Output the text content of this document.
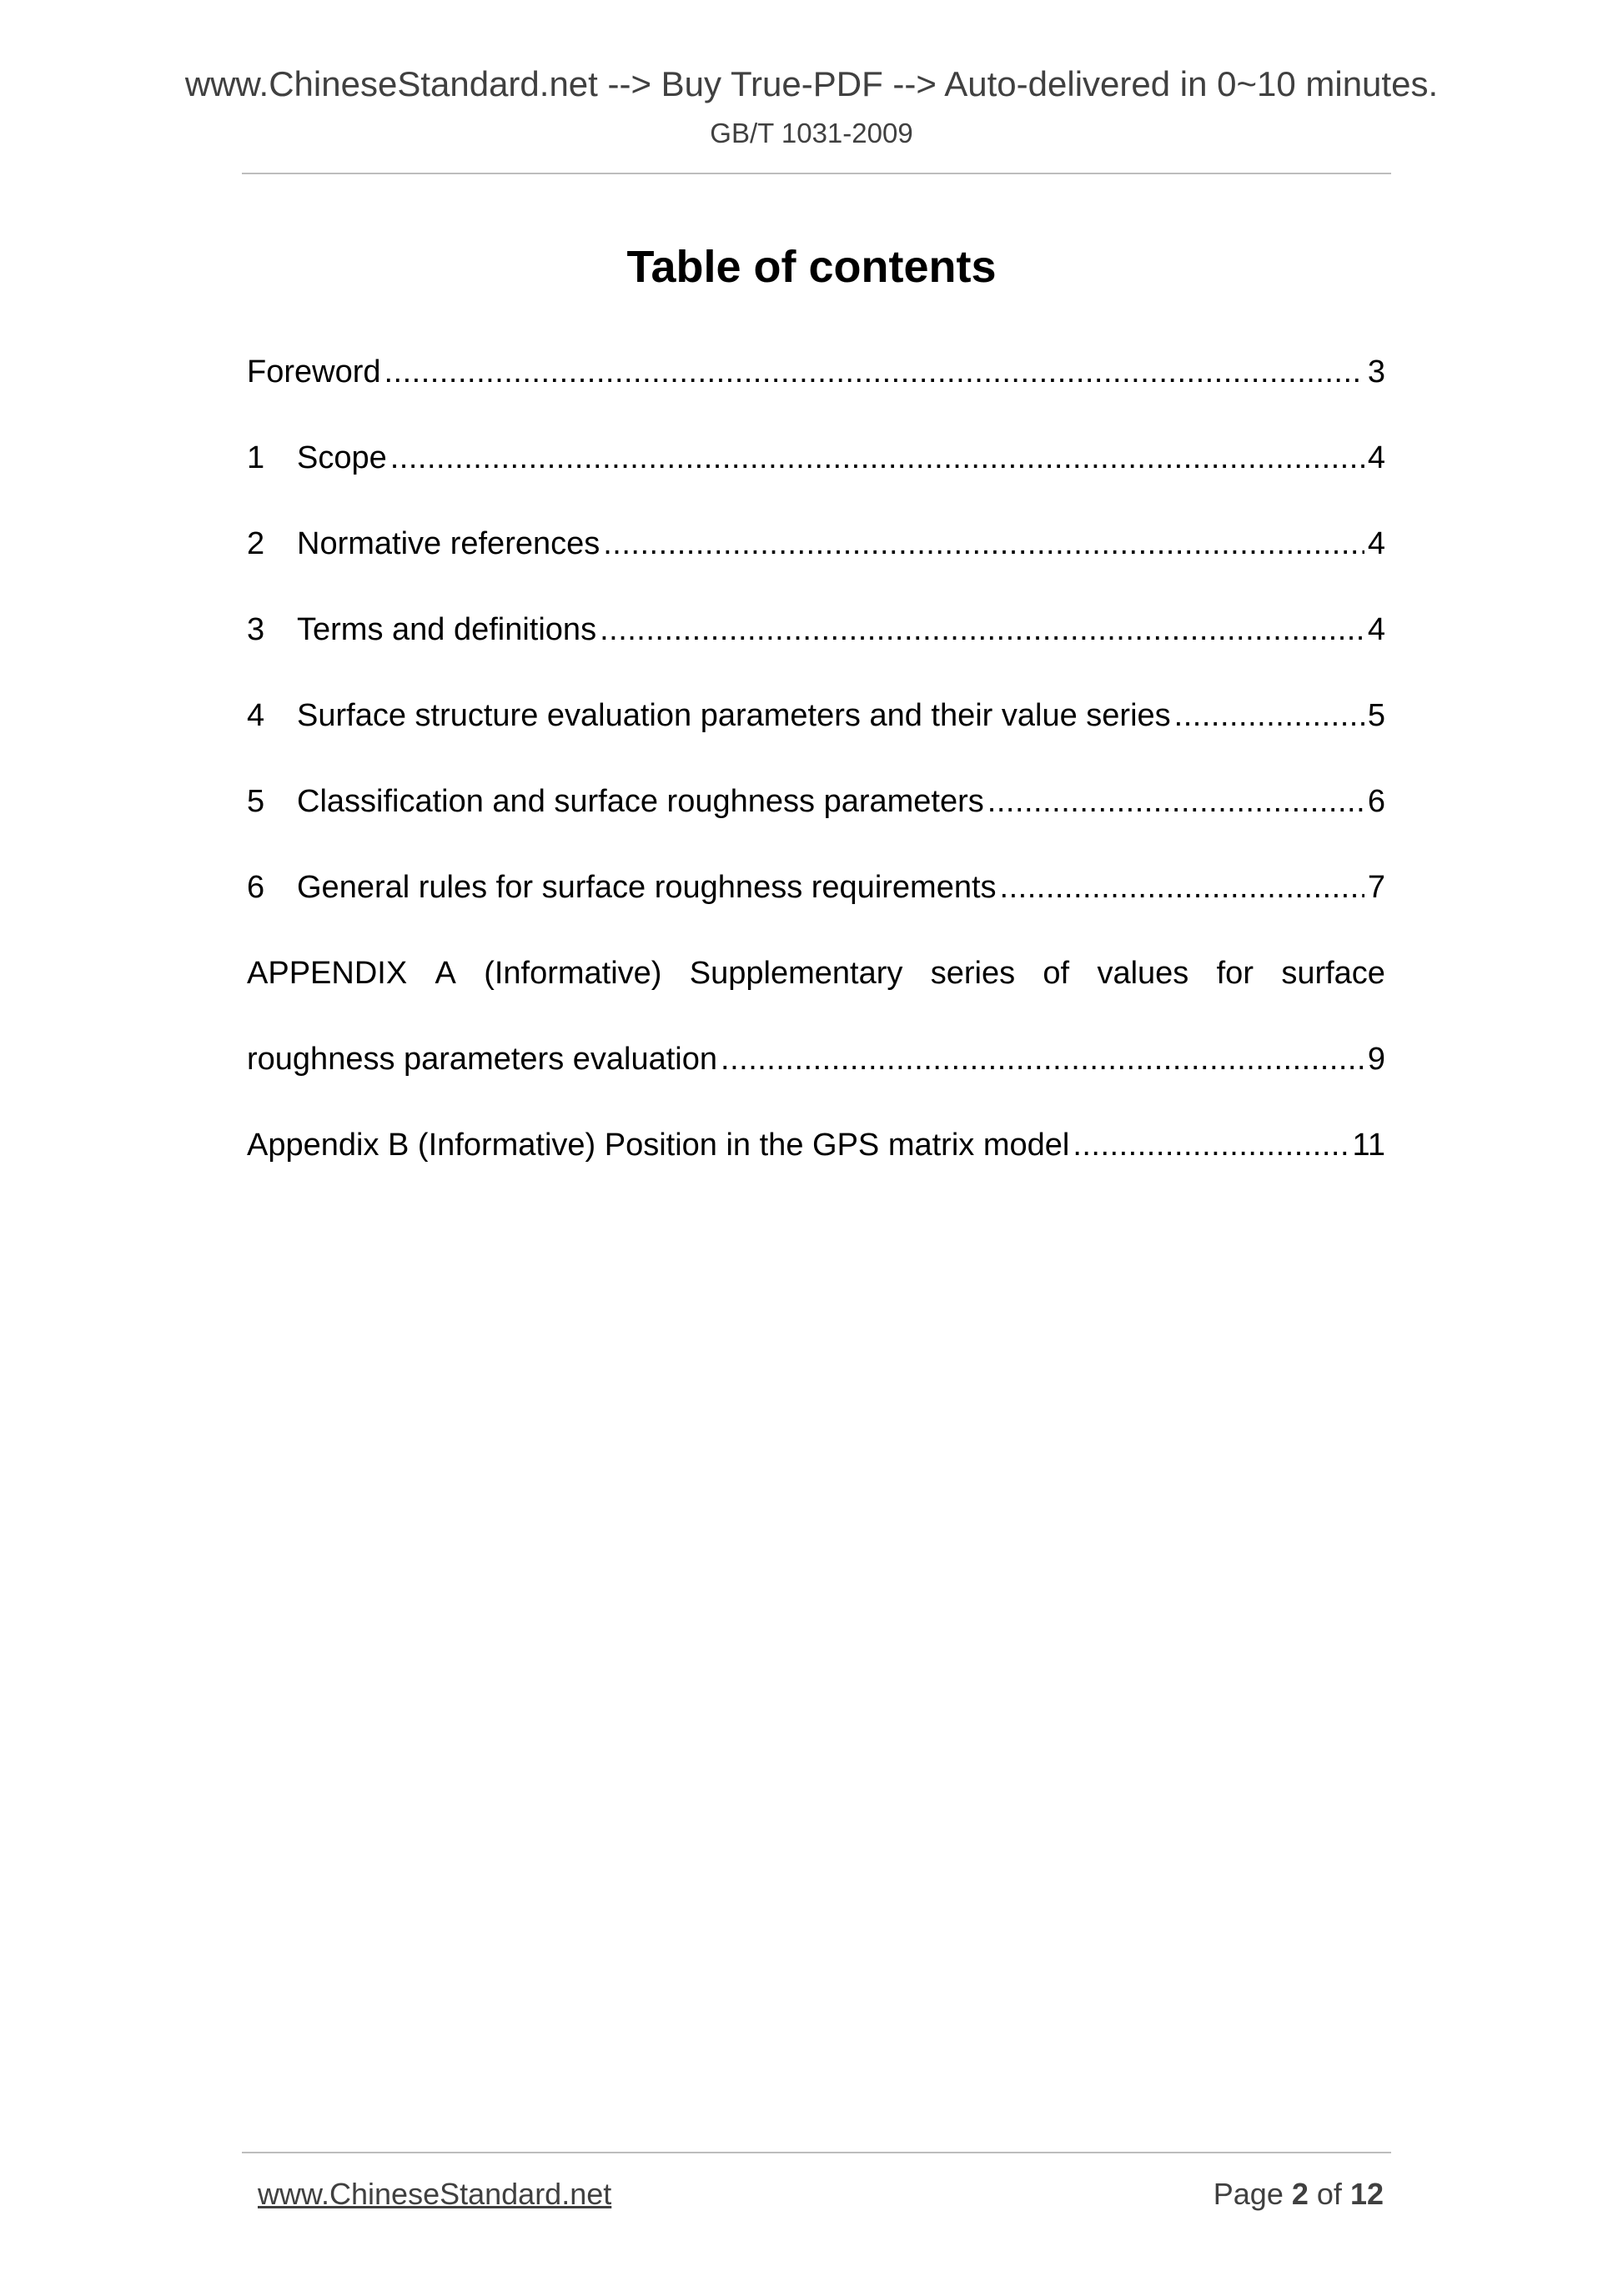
www.ChineseStandard.net --> Buy True-PDF --> Auto-delivered in 0~10 minutes.
GB/T 1031-2009
Table of contents
Foreword .....	3
1	Scope .....	4
2	Normative references .....	4
3	Terms and definitions .....	4
4	Surface structure evaluation parameters and their value series .....	5
5	Classification and surface roughness parameters .....	6
6	General rules for surface roughness requirements .....	7
APPENDIX A (Informative) Supplementary series of values for surface
roughness parameters evaluation .....	9
Appendix B (Informative) Position in the GPS matrix model .....	11
www.ChineseStandard.net	Page 2 of 12
